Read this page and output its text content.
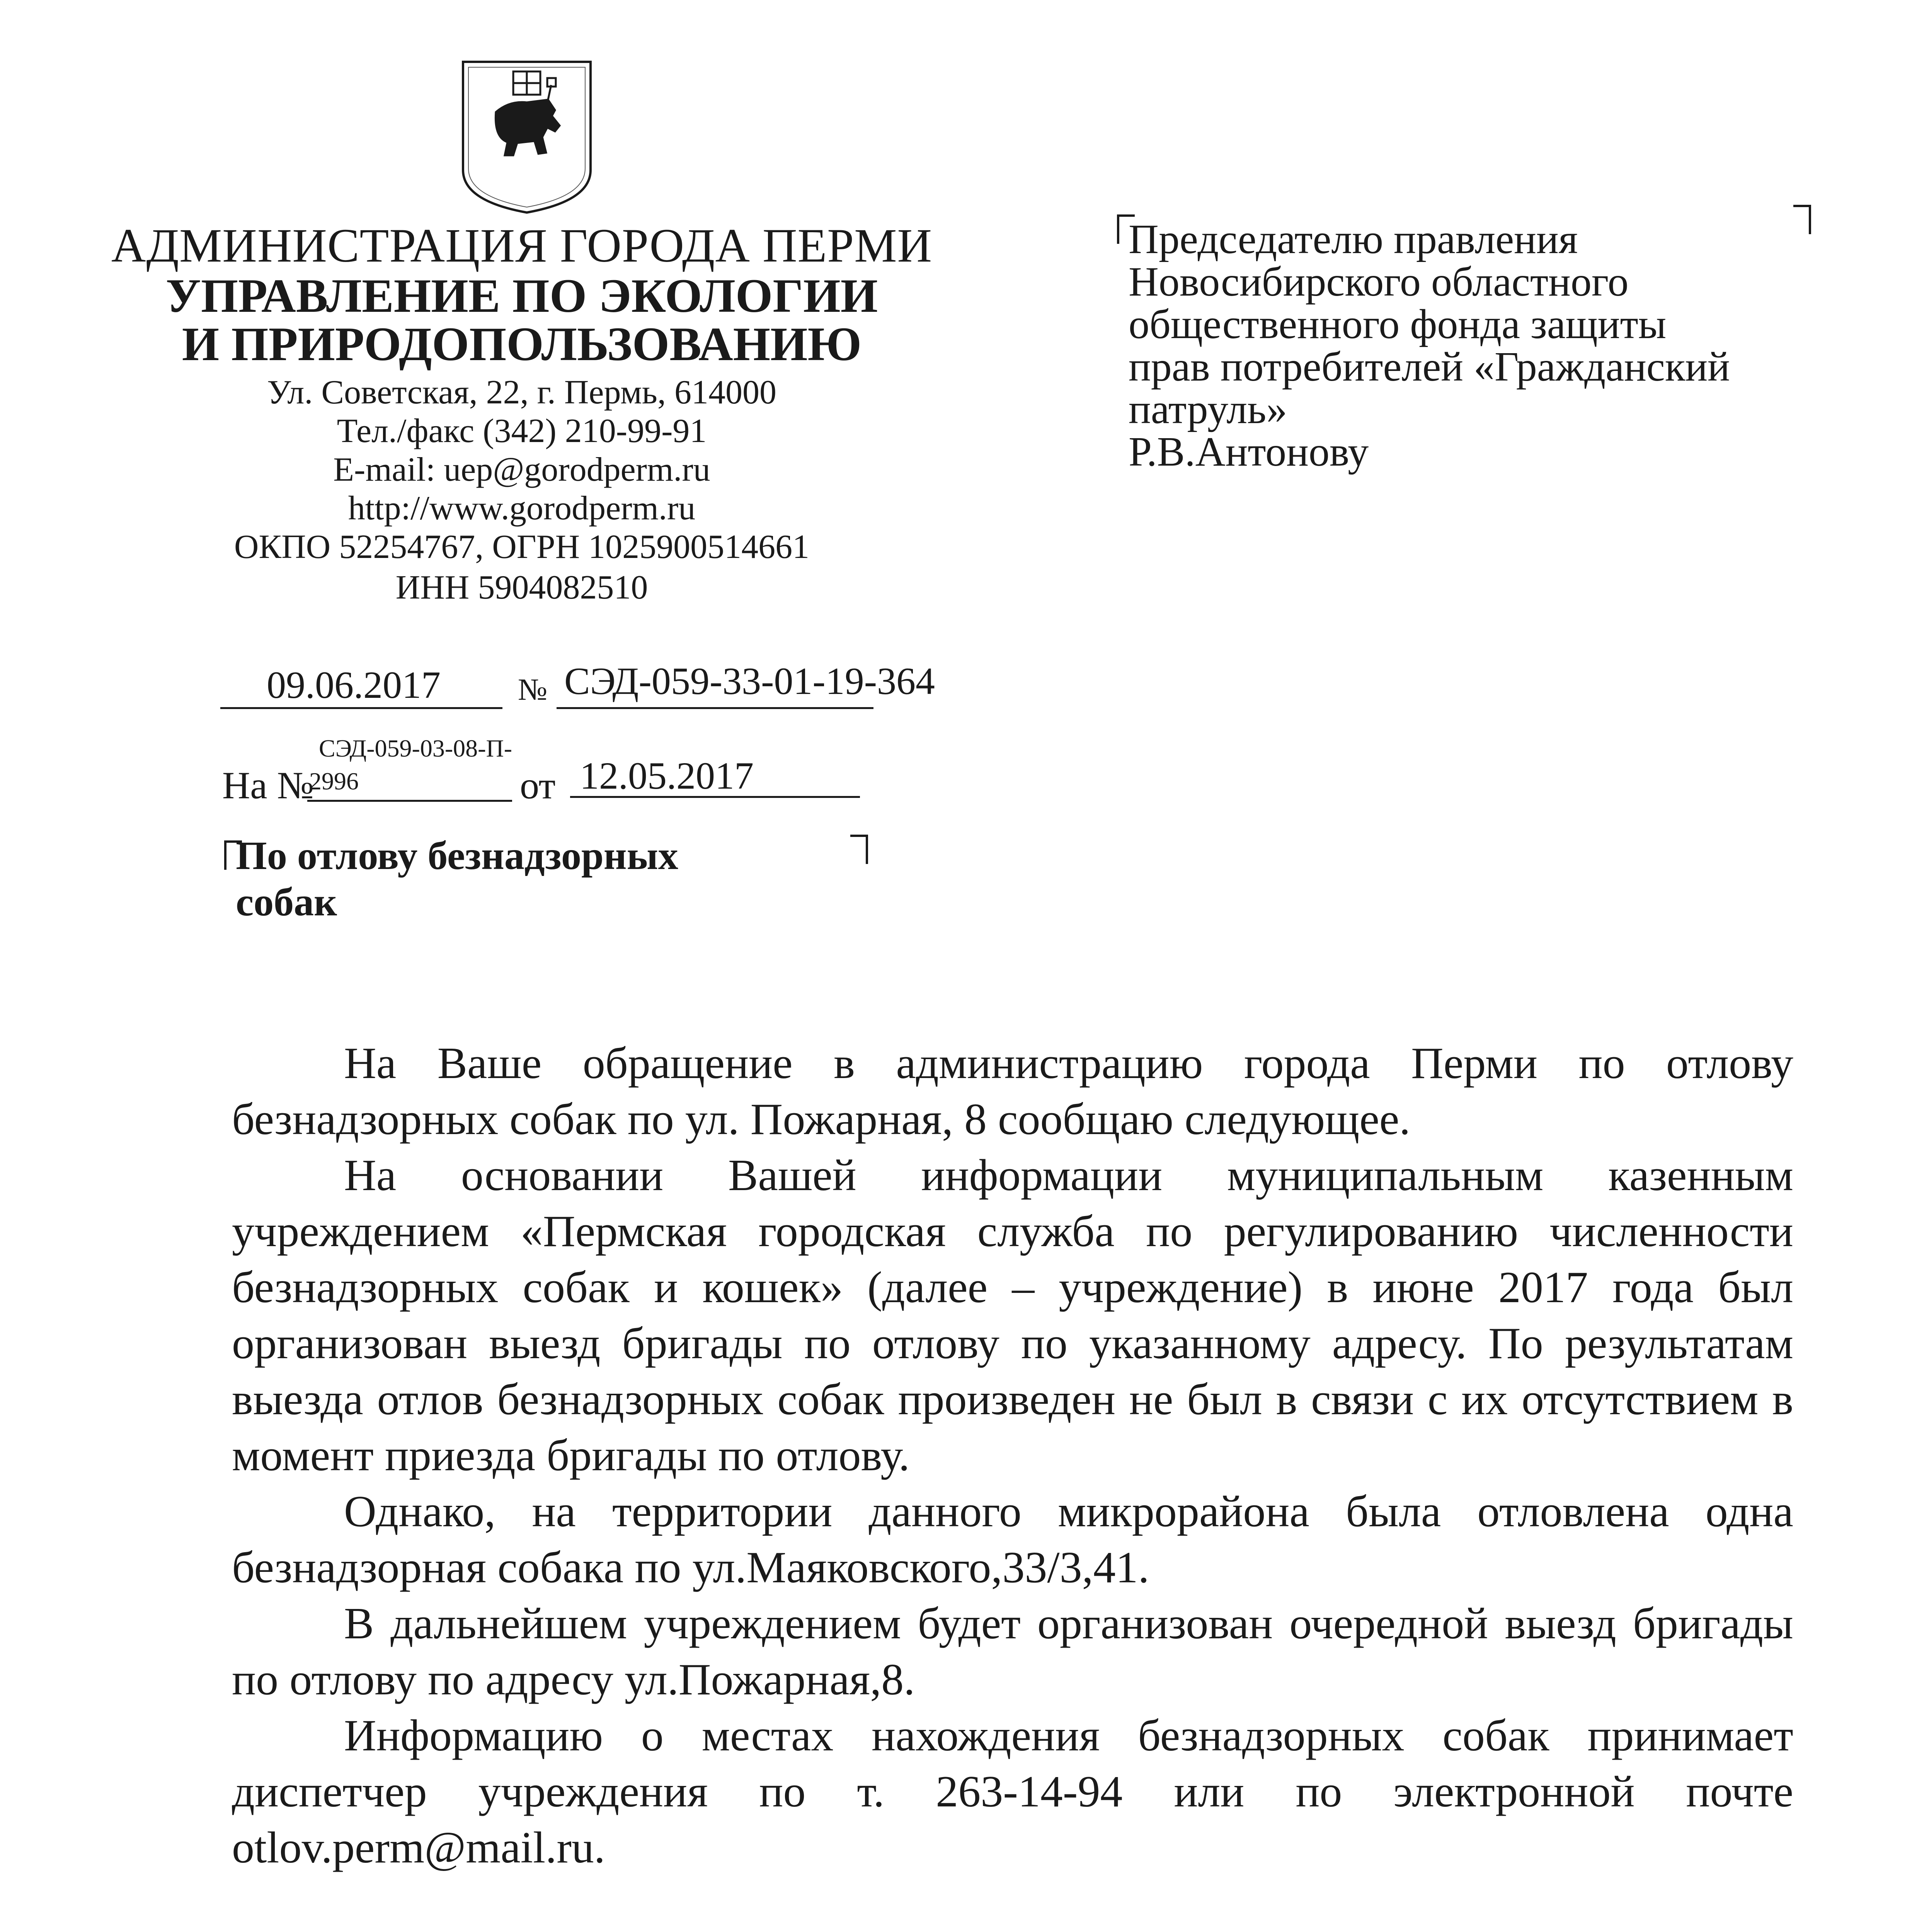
АДМИНИСТРАЦИЯ ГОРОДА ПЕРМИ
УПРАВЛЕНИЕ ПО ЭКОЛОГИИ
И ПРИРОДОПОЛЬЗОВАНИЮ
Ул. Советская, 22, г. Пермь, 614000
Тел./факс (342) 210-99-91
E-mail: uep@gorodperm.ru
http://www.gorodperm.ru
ОКПО 52254767, ОГРН 1025900514661
ИНН 5904082510
Председателю правления
Новосибирского областного
общественного фонда защиты
прав потребителей «Гражданский
патруль»
Р.В.Антонову
09.06.2017	№ СЭД-059-33-01-19-364
СЭД-059-03-08-П-
На №
2996	от 12.05.2017
По отлову безнадзорных
собак

На Ваше обращение в администрацию города Перми по отлову безнадзорных собак по ул. Пожарная, 8 сообщаю следующее.

На основании Вашей информации муниципальным казенным учреждением «Пермская городская служба по регулированию численности безнадзорных собак и кошек» (далее – учреждение) в июне 2017 года был организован выезд бригады по отлову по указанному адресу. По результатам выезда отлов безнадзорных собак произведен не был в связи с их отсутствием в момент приезда бригады по отлову.

Однако, на территории данного микрорайона была отловлена одна безнадзорная собака по ул.Маяковского,33/3,41.

В дальнейшем учреждением будет организован очередной выезд бригады по отлову по адресу ул.Пожарная,8.

Информацию о местах нахождения безнадзорных собак принимает диспетчер учреждения по т. 263-14-94 или по электронной почте otlov.perm@mail.ru.
